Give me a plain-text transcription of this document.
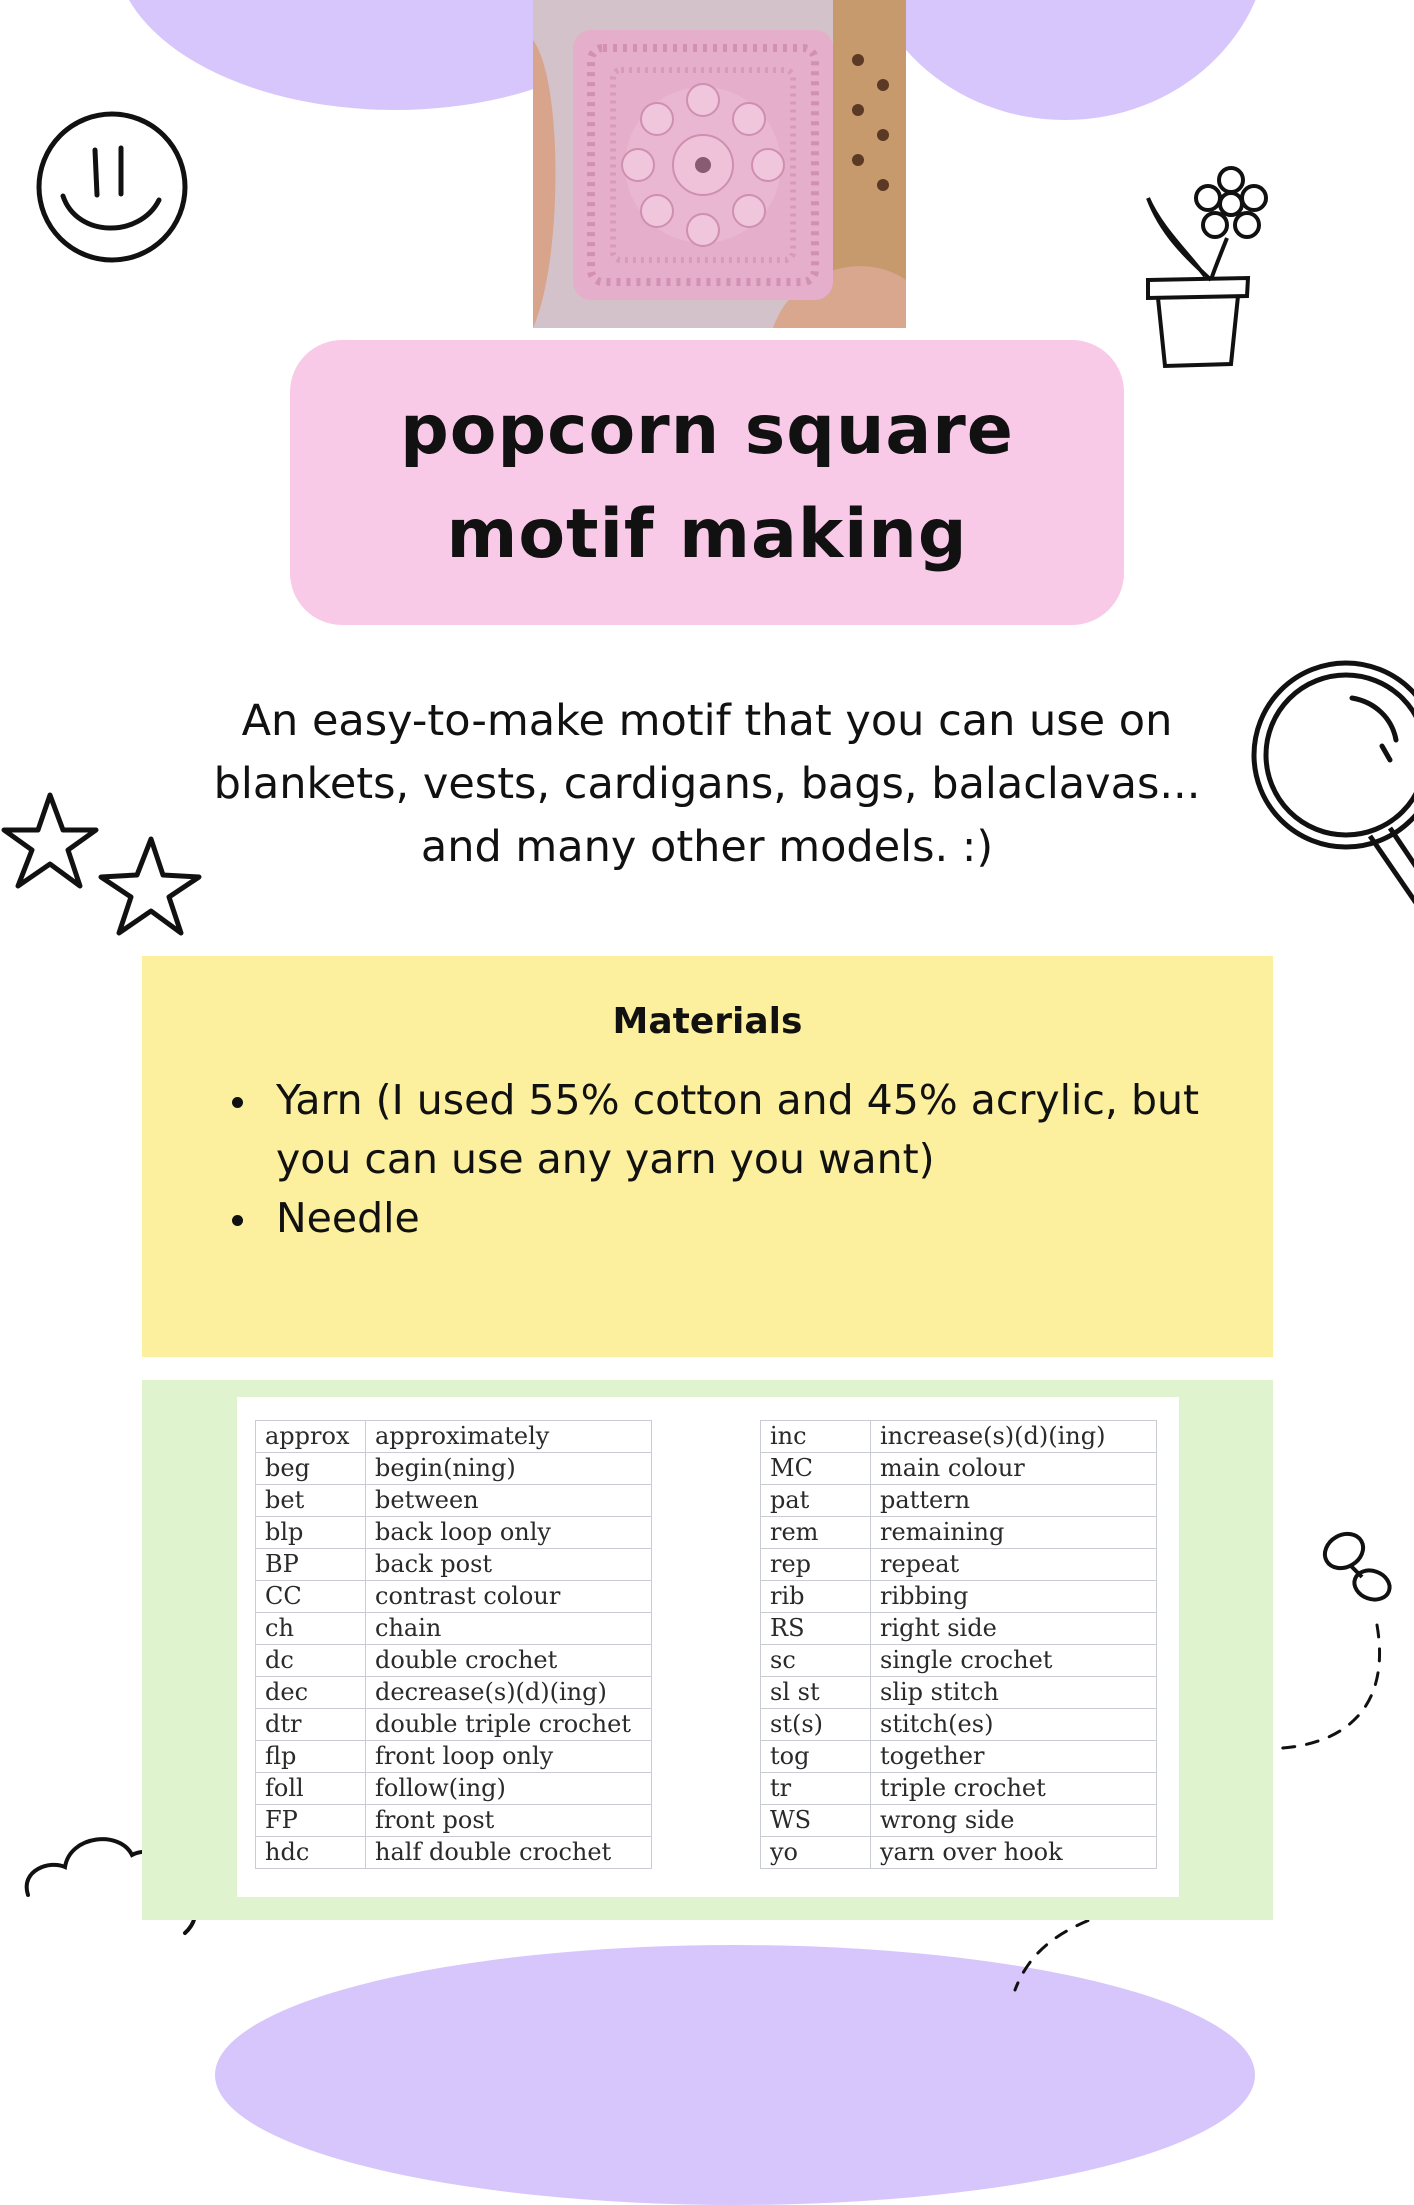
popcorn square
motif making
An easy-to-make motif that you can use on
blankets, vests, cardigans, bags, balaclavas...
and many other models. :)
Materials
Yarn (I used 55% cotton and 45% acrylic, but you can use any yarn you want)
Needle
approx	approximately
beg	begin(ning)
bet	between
blp	back loop only
BP	back post
CC	contrast colour
ch	chain
dc	double crochet
dec	decrease(s)(d)(ing)
dtr	double triple crochet
flp	front loop only
foll	follow(ing)
FP	front post
hdc	half double crochet
inc	increase(s)(d)(ing)
MC	main colour
pat	pattern
rem	remaining
rep	repeat
rib	ribbing
RS	right side
sc	single crochet
sl st	slip stitch
st(s)	stitch(es)
tog	together
tr	triple crochet
WS	wrong side
yo	yarn over hook
